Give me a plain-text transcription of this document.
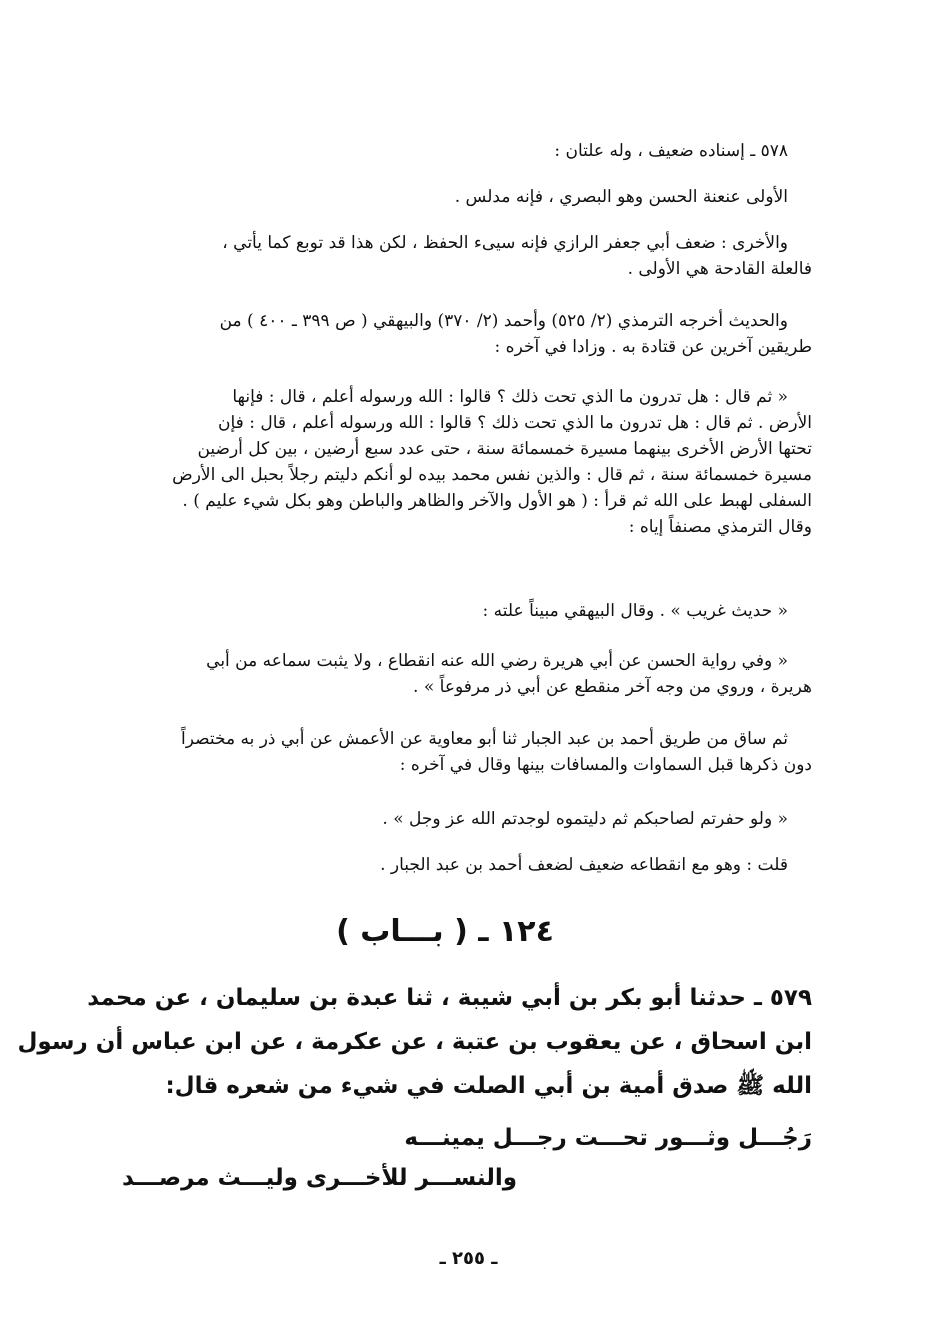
٥٧٨ ـ إسناده ضعيف ، وله علتان :
الأولى عنعنة الحسن وهو البصري ، فإنه مدلس .
والأخرى : ضعف أبي جعفر الرازي فإنه سيىء الحفظ ، لكن هذا قد توبع كما يأتي ،
فالعلة القادحة هي الأولى .
والحديث أخرجه الترمذي (٢/ ٥٢٥) وأحمد (٢/ ٣٧٠) والبيهقي ( ص ٣٩٩ ـ ٤٠٠ ) من
طريقين آخرين عن قتادة به . وزادا في آخره :
« ثم قال : هل تدرون ما الذي تحت ذلك ؟ قالوا : الله ورسوله أعلم ، قال : فإنها
الأرض . ثم قال : هل تدرون ما الذي تحت ذلك ؟ قالوا : الله ورسوله أعلم ، قال : فإن
تحتها الأرض الأخرى بينهما مسيرة خمسمائة سنة ، حتى عدد سبع أرضين ، بين كل أرضين
مسيرة خمسمائة سنة ، ثم قال : والذين نفس محمد بيده لو أنكم دليتم رجلاً بحبل الى الأرض
السفلى لهبط على الله ثم قرأ : ( هو الأول والآخر والظاهر والباطن وهو بكل شيء عليم ) .
وقال الترمذي مصنفاً إياه :
« حديث غريب » . وقال البيهقي مبيناً علته :
« وفي رواية الحسن عن أبي هريرة رضي الله عنه انقطاع ، ولا يثبت سماعه من أبي
هريرة ، وروي من وجه آخر منقطع عن أبي ذر مرفوعاً » .
ثم ساق من طريق أحمد بن عبد الجبار ثنا أبو معاوية عن الأعمش عن أبي ذر به مختصراً
دون ذكرها قبل السماوات والمسافات بينها وقال في آخره :
« ولو حفرتم لصاحبكم ثم دليتموه لوجدتم الله عز وجل » .
قلت : وهو مع انقطاعه ضعيف لضعف أحمد بن عبد الجبار .
١٢٤ ـ ( بـــاب )
٥٧٩ ـ حدثنا أبو بكر بن أبي شيبة ، ثنا عبدة بن سليمان ، عن محمد
ابن اسحاق ، عن يعقوب بن عتبة ، عن عكرمة ، عن ابن عباس أن رسول
الله ﷺ صدق أمية بن أبي الصلت في شيء من شعره قال:
رَجُـــل وثـــور تحـــت رجـــل يمينـــه
والنســـر للأخـــرى وليـــث مرصـــد
ـ ٢٥٥ ـ
